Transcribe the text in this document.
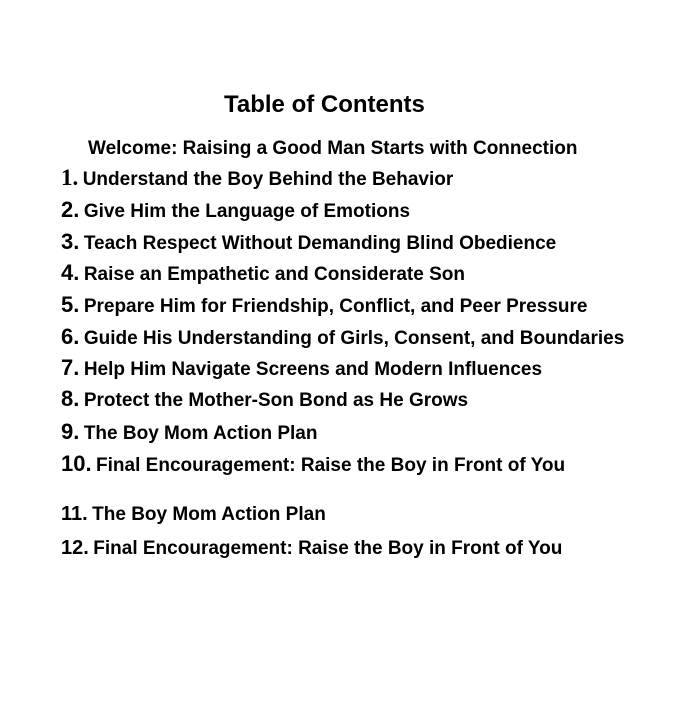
Table of Contents
Welcome: Raising a Good Man Starts with Connection
1. Understand the Boy Behind the Behavior
2. Give Him the Language of Emotions
3. Teach Respect Without Demanding Blind Obedience
4. Raise an Empathetic and Considerate Son
5. Prepare Him for Friendship, Conflict, and Peer Pressure
6. Guide His Understanding of Girls, Consent, and Boundaries
7. Help Him Navigate Screens and Modern Influences
8. Protect the Mother-Son Bond as He Grows
9. The Boy Mom Action Plan
10. Final Encouragement: Raise the Boy in Front of You
11. The Boy Mom Action Plan
12. Final Encouragement: Raise the Boy in Front of You
